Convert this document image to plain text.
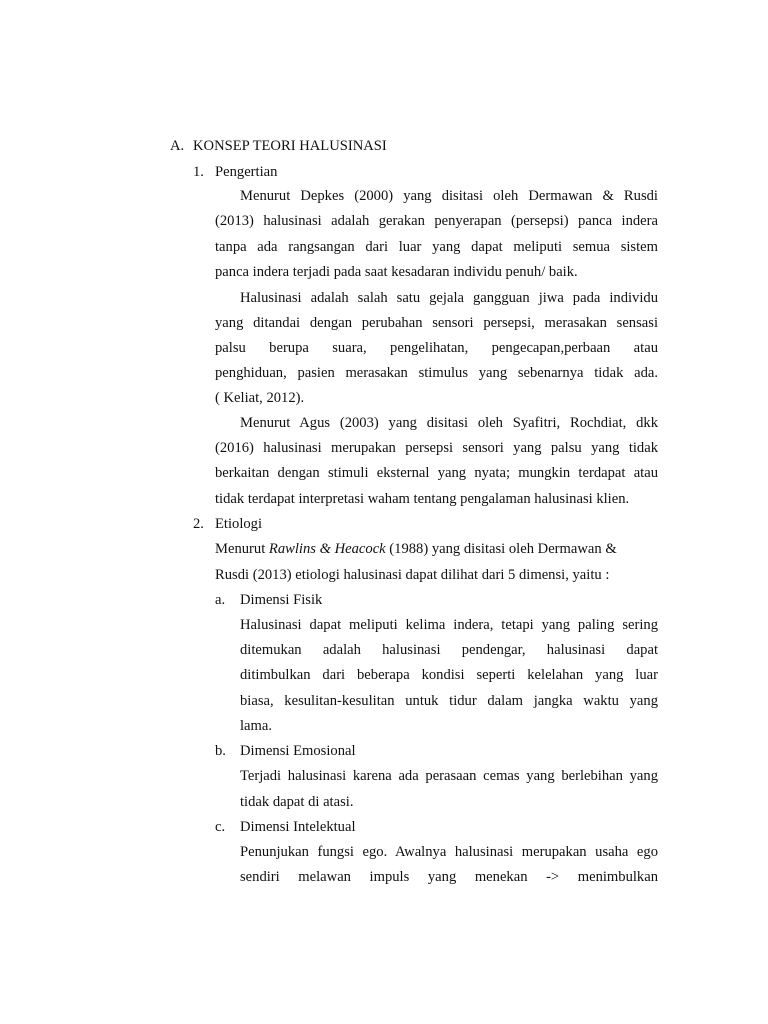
A. KONSEP TEORI HALUSINASI
1. Pengertian
Menurut Depkes (2000) yang disitasi oleh Dermawan & Rusdi
(2013) halusinasi adalah gerakan penyerapan (persepsi) panca indera
tanpa ada rangsangan dari luar yang dapat meliputi semua sistem
panca indera terjadi pada saat kesadaran individu penuh/ baik.
Halusinasi adalah salah satu gejala gangguan jiwa pada individu
yang ditandai dengan perubahan sensori persepsi, merasakan sensasi
palsu berupa suara, pengelihatan, pengecapan,perbaan atau
penghiduan, pasien merasakan stimulus yang sebenarnya tidak ada.
( Keliat, 2012).
Menurut Agus (2003) yang disitasi oleh Syafitri, Rochdiat, dkk
(2016) halusinasi merupakan persepsi sensori yang palsu yang tidak
berkaitan dengan stimuli eksternal yang nyata; mungkin terdapat atau
tidak terdapat interpretasi waham tentang pengalaman halusinasi klien.
2. Etiologi
Menurut Rawlins & Heacock (1988) yang disitasi oleh Dermawan &
Rusdi (2013) etiologi halusinasi dapat dilihat dari 5 dimensi, yaitu :
a. Dimensi Fisik
Halusinasi dapat meliputi kelima indera, tetapi yang paling sering
ditemukan adalah halusinasi pendengar, halusinasi dapat
ditimbulkan dari beberapa kondisi seperti kelelahan yang luar
biasa, kesulitan-kesulitan untuk tidur dalam jangka waktu yang
lama.
b. Dimensi Emosional
Terjadi halusinasi karena ada perasaan cemas yang berlebihan yang
tidak dapat di atasi.
c. Dimensi Intelektual
Penunjukan fungsi ego. Awalnya halusinasi merupakan usaha ego
sendiri melawan impuls yang menekan -> menimbulkan
